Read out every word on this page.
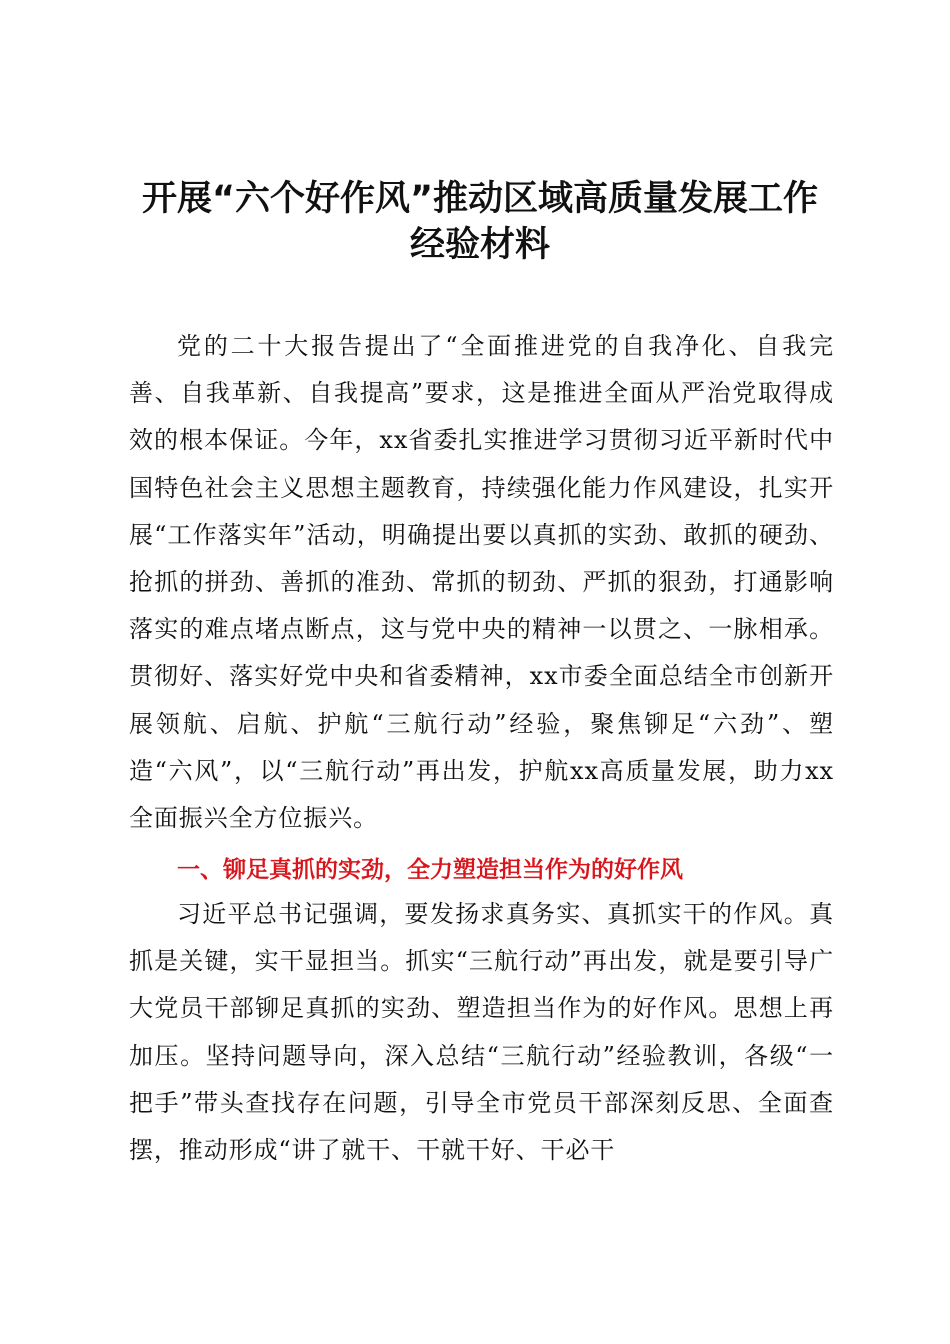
开展“六个好作风”推动区域高质量发展工作
经验材料

党的二十大报告提出了“全面推进党的自我净化、自我完善、自我革新、自我提高”要求，这是推进全面从严治党取得成效的根本保证。今年，xx省委扎实推进学习贯彻习近平新时代中国特色社会主义思想主题教育，持续强化能力作风建设，扎实开展“工作落实年”活动，明确提出要以真抓的实劲、敢抓的硬劲、抢抓的拼劲、善抓的准劲、常抓的韧劲、严抓的狠劲，打通影响落实的难点堵点断点，这与党中央的精神一以贯之、一脉相承。贯彻好、落实好党中央和省委精神，xx市委全面总结全市创新开展领航、启航、护航“三航行动”经验，聚焦铆足“六劲”、塑造“六风”，以“三航行动”再出发，护航xx高质量发展，助力xx全面振兴全方位振兴。

一、铆足真抓的实劲，全力塑造担当作为的好作风

习近平总书记强调，要发扬求真务实、真抓实干的作风。真抓是关键，实干显担当。抓实“三航行动”再出发，就是要引导广大党员干部铆足真抓的实劲、塑造担当作为的好作风。思想上再加压。坚持问题导向，深入总结“三航行动”经验教训，各级“一把手”带头查找存在问题，引导全市党员干部深刻反思、全面查摆，推动形成“讲了就干、干就干好、干必干
